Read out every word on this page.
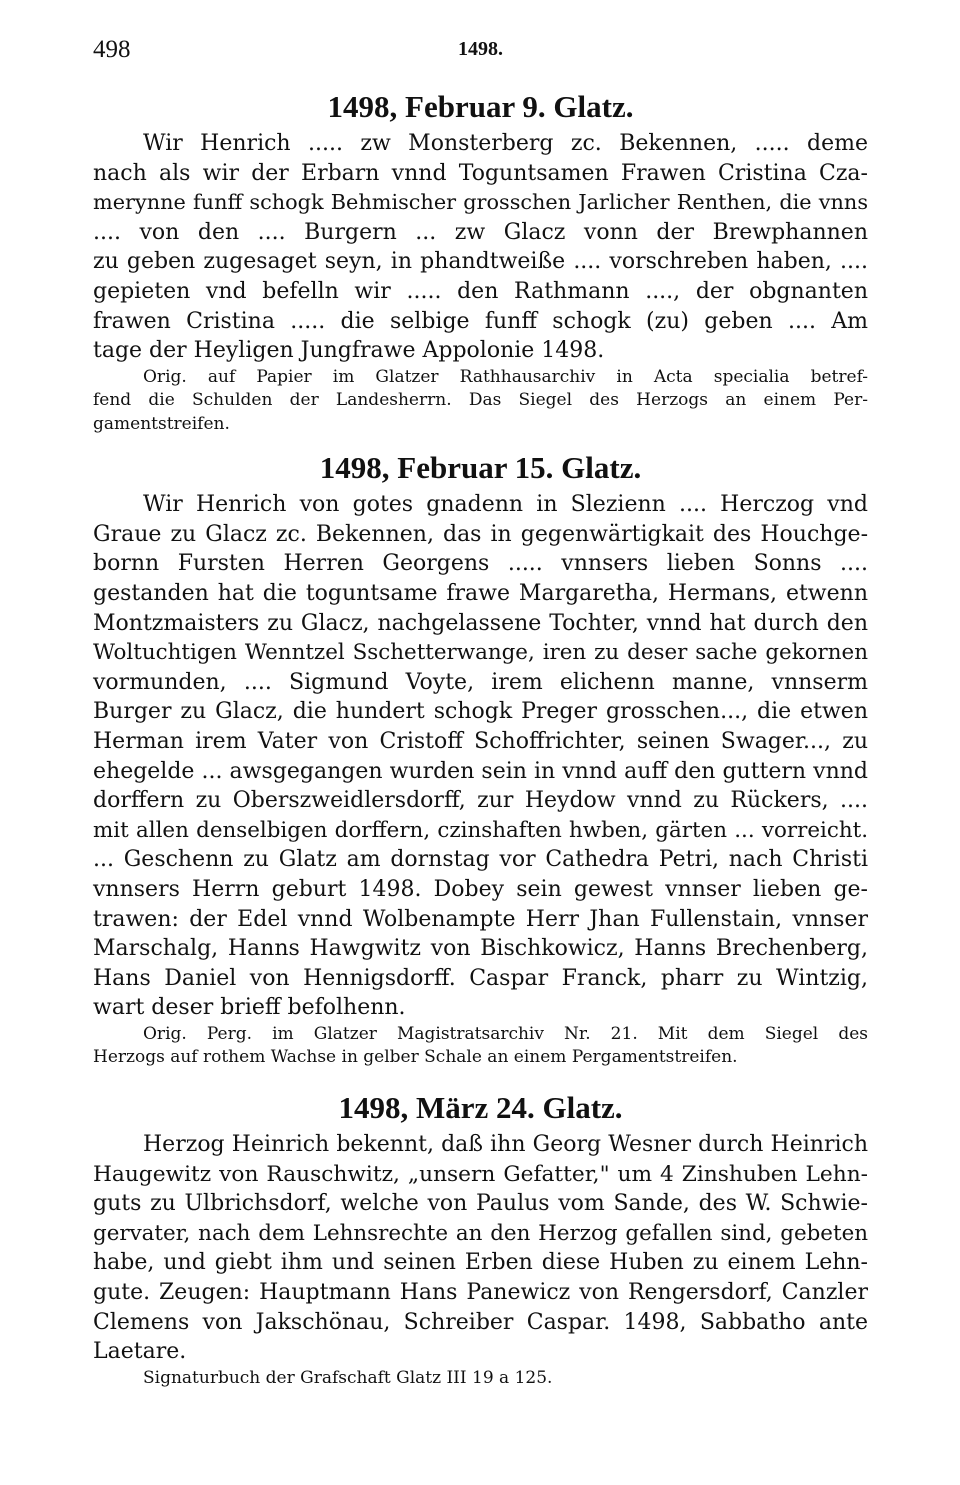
498	1498.
1498, Februar 9. Glatz.
Wir Henrich ..... zw Monsterberg zc. Bekennen, ..... deme
nach als wir der Erbarn vnnd Toguntsamen Frawen Cristina Cza-
merynne funff schogk Behmischer grosschen Jarlicher Renthen, die vnns
.... von den .... Burgern ... zw Glacz vonn der Brewphannen
zu geben zugesaget seyn, in phandtweiße .... vorschreben haben, ....
gepieten vnd befelln wir ..... den Rathmann ...., der obgnanten
frawen Cristina ..... die selbige funff schogk (zu) geben .... Am
tage der Heyligen Jungfrawe Appolonie 1498.
Orig. auf Papier im Glatzer Rathhausarchiv in Acta specialia betref-
fend die Schulden der Landesherrn. Das Siegel des Herzogs an einem Per-
gamentstreifen.
1498, Februar 15. Glatz.
Wir Henrich von gotes gnadenn in Slezienn .... Herczog vnd
Graue zu Glacz zc. Bekennen, das in gegenwärtigkait des Houchge-
bornn Fursten Herren Georgens ..... vnnsers lieben Sonns ....
gestanden hat die toguntsame frawe Margaretha, Hermans, etwenn
Montzmaisters zu Glacz, nachgelassene Tochter, vnnd hat durch den
Woltuchtigen Wenntzel Sschetterwange, iren zu deser sache gekornen
vormunden, .... Sigmund Voyte, irem elichenn manne, vnnserm
Burger zu Glacz, die hundert schogk Preger grosschen..., die etwen
Herman irem Vater von Cristoff Schoffrichter, seinen Swager..., zu
ehegelde ... awsgegangen wurden sein in vnnd auff den guttern vnnd
dorffern zu Oberszweidlersdorff, zur Heydow vnnd zu Rückers, ....
mit allen denselbigen dorffern, czinshaften hwben, gärten ... vorreicht.
... Geschenn zu Glatz am dornstag vor Cathedra Petri, nach Christi
vnnsers Herrn geburt 1498. Dobey sein gewest vnnser lieben ge-
trawen: der Edel vnnd Wolbenampte Herr Jhan Fullenstain, vnnser
Marschalg, Hanns Hawgwitz von Bischkowicz, Hanns Brechenberg,
Hans Daniel von Hennigsdorff. Caspar Franck, pharr zu Wintzig,
wart deser brieff befolhenn.
Orig. Perg. im Glatzer Magistratsarchiv Nr. 21. Mit dem Siegel des
Herzogs auf rothem Wachse in gelber Schale an einem Pergamentstreifen.
1498, März 24. Glatz.
Herzog Heinrich bekennt, daß ihn Georg Wesner durch Heinrich
Haugewitz von Rauschwitz, „unsern Gefatter," um 4 Zinshuben Lehn-
guts zu Ulbrichsdorf, welche von Paulus vom Sande, des W. Schwie-
gervater, nach dem Lehnsrechte an den Herzog gefallen sind, gebeten
habe, und giebt ihm und seinen Erben diese Huben zu einem Lehn-
gute. Zeugen: Hauptmann Hans Panewicz von Rengersdorf, Canzler
Clemens von Jakschönau, Schreiber Caspar. 1498, Sabbatho ante
Laetare.
Signaturbuch der Grafschaft Glatz III 19 a 125.
